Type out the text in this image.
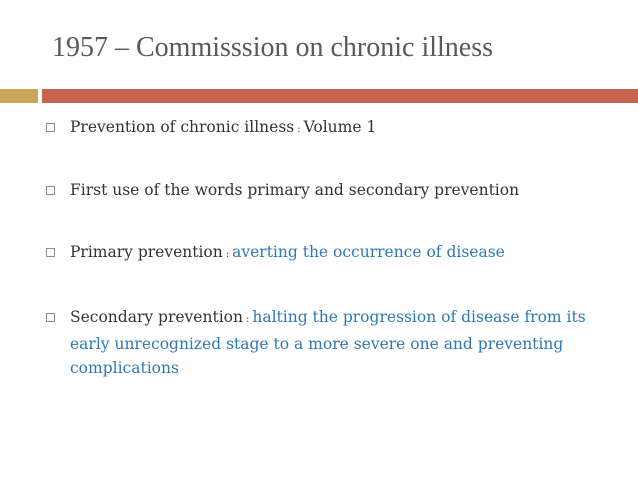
1957 – Commisssion on chronic illness
Prevention of chronic illness : Volume 1
First use of the words primary and secondary prevention
Primary prevention : averting the occurrence of disease
Secondary prevention : halting the progression of disease from its early unrecognized stage to a more severe one and preventing complications
